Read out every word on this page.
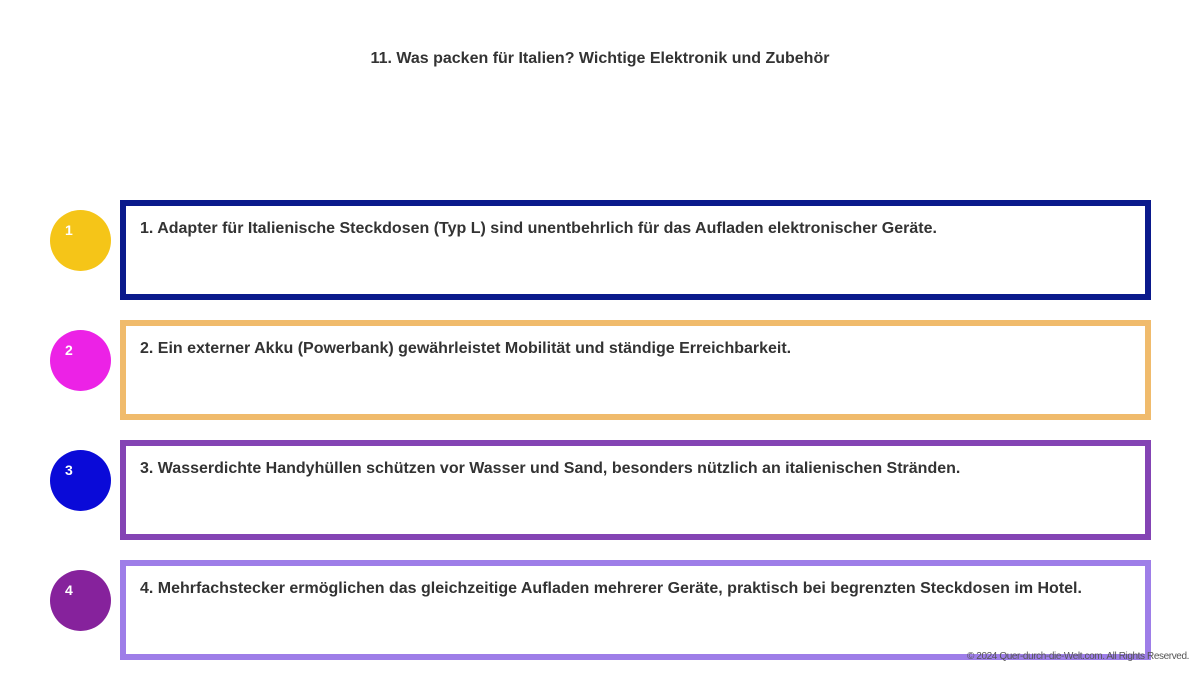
11. Was packen für Italien? Wichtige Elektronik und Zubehör
1	1. Adapter für Italienische Steckdosen (Typ L) sind unentbehrlich für das Aufladen elektronischer Geräte.
2	2. Ein externer Akku (Powerbank) gewährleistet Mobilität und ständige Erreichbarkeit.
3	3. Wasserdichte Handyhüllen schützen vor Wasser und Sand, besonders nützlich an italienischen Stränden.
4	4. Mehrfachstecker ermöglichen das gleichzeitige Aufladen mehrerer Geräte, praktisch bei begrenzten Steckdosen im Hotel.
© 2024 Quer-durch-die-Welt.com. All Rights Reserved.
